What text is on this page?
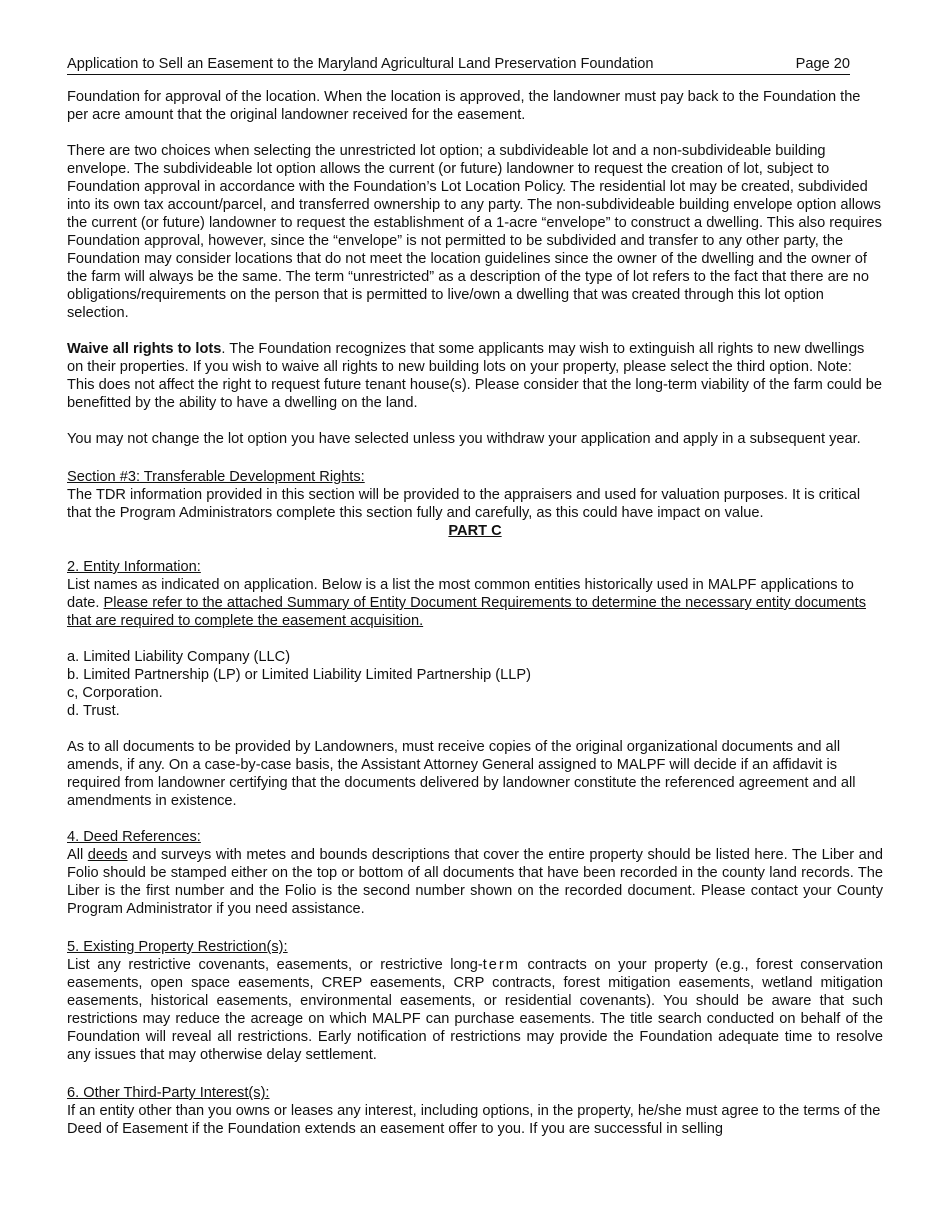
Application to Sell an Easement to the Maryland Agricultural Land Preservation Foundation	Page 20

Foundation for approval of the location. When the location is approved, the landowner must pay back to the Foundation the per acre amount that the original landowner received for the easement.

There are two choices when selecting the unrestricted lot option; a subdivideable lot and a non-subdivideable building envelope. The subdivideable lot option allows the current (or future) landowner to request the creation of lot, subject to Foundation approval in accordance with the Foundation’s Lot Location Policy. The residential lot may be created, subdivided into its own tax account/parcel, and transferred ownership to any party. The non-subdivideable building envelope option allows the current (or future) landowner to request the establishment of a 1-acre “envelope” to construct a dwelling. This also requires Foundation approval, however, since the “envelope” is not permitted to be subdivided and transfer to any other party, the Foundation may consider locations that do not meet the location guidelines since the owner of the dwelling and the owner of the farm will always be the same. The term “unrestricted” as a description of the type of lot refers to the fact that there are no obligations/requirements on the person that is permitted to live/own a dwelling that was created through this lot option selection.

Waive all rights to lots. The Foundation recognizes that some applicants may wish to extinguish all rights to new dwellings on their properties. If you wish to waive all rights to new building lots on your property, please select the third option. Note: This does not affect the right to request future tenant house(s). Please consider that the long-term viability of the farm could be benefitted by the ability to have a dwelling on the land.

You may not change the lot option you have selected unless you withdraw your application and apply in a subsequent year.

Section #3: Transferable Development Rights:

The TDR information provided in this section will be provided to the appraisers and used for valuation purposes. It is critical that the Program Administrators complete this section fully and carefully, as this could have impact on value.

PART C

2. Entity Information:

List names as indicated on application. Below is a list the most common entities historically used in MALPF applications to date. Please refer to the attached Summary of Entity Document Requirements to determine the necessary entity documents that are required to complete the easement acquisition.

a. Limited Liability Company (LLC)

b. Limited Partnership (LP) or Limited Liability Limited Partnership (LLP)

c, Corporation.

d. Trust.

As to all documents to be provided by Landowners, must receive copies of the original organizational documents and all amends, if any. On a case-by-case basis, the Assistant Attorney General assigned to MALPF will decide if an affidavit is required from landowner certifying that the documents delivered by landowner constitute the referenced agreement and all amendments in existence.

4. Deed References:

All deeds and surveys with metes and bounds descriptions that cover the entire property should be listed here. The Liber and Folio should be stamped either on the top or bottom of all documents that have been recorded in the county land records. The Liber is the first number and the Folio is the second number shown on the recorded document. Please contact your County Program Administrator if you need assistance.

5. Existing Property Restriction(s):

List any restrictive covenants, easements, or restrictive long-term contracts on your property (e.g., forest conservation easements, open space easements, CREP easements, CRP contracts, forest mitigation easements, wetland mitigation easements, historical easements, environmental easements, or residential covenants). You should be aware that such restrictions may reduce the acreage on which MALPF can purchase easements. The title search conducted on behalf of the Foundation will reveal all restrictions. Early notification of restrictions may provide the Foundation adequate time to resolve any issues that may otherwise delay settlement.

6. Other Third-Party Interest(s):

If an entity other than you owns or leases any interest, including options, in the property, he/she must agree to the terms of the Deed of Easement if the Foundation extends an easement offer to you. If you are successful in selling
